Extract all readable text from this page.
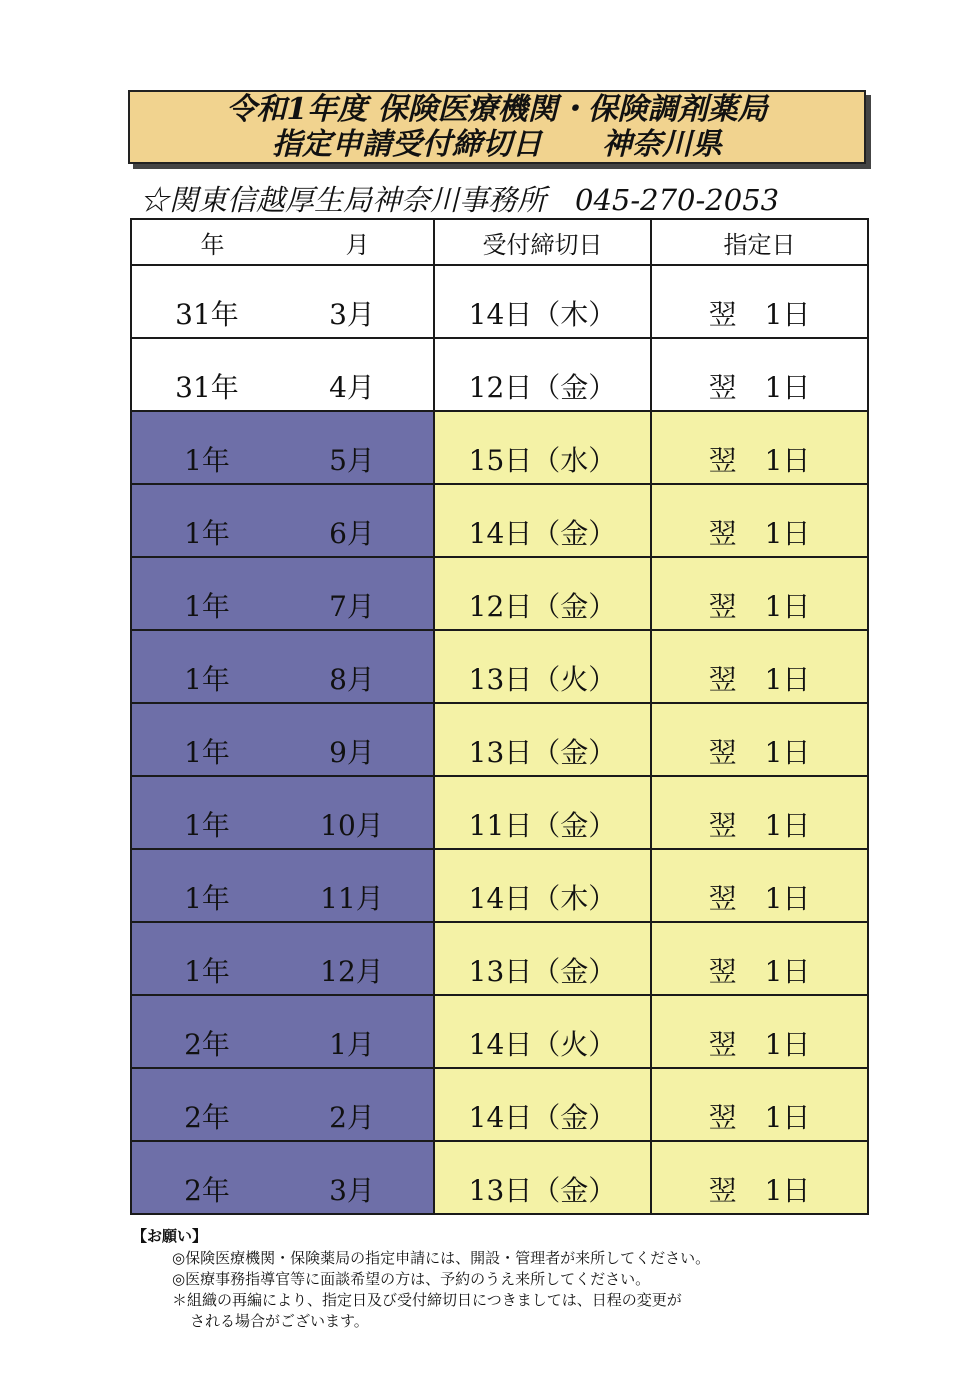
令和1年度 保険医療機関・保険調剤薬局
指定申請受付締切日　　神奈川県
☆関東信越厚生局神奈川事務所　045-270-2053
年 月	受付締切日	指定日
31年 3月	14日（木）	翌　1日

31年 4月	12日（金）	翌　1日

1年 5月	15日（水）	翌　1日

1年 6月	14日（金）	翌　1日

1年 7月	12日（金）	翌　1日

1年 8月	13日（火）	翌　1日

1年 9月	13日（金）	翌　1日

1年 10月	11日（金）	翌　1日

1年 11月	14日（木）	翌　1日

1年 12月	13日（金）	翌　1日

2年 1月	14日（火）	翌　1日

2年 2月	14日（金）	翌　1日

2年 3月	13日（金）	翌　1日
【お願い】
◎保険医療機関・保険薬局の指定申請には、開設・管理者が来所してください。
◎医療事務指導官等に面談希望の方は、予約のうえ来所してください。
＊組織の再編により、指定日及び受付締切日につきましては、日程の変更が
される場合がございます。
